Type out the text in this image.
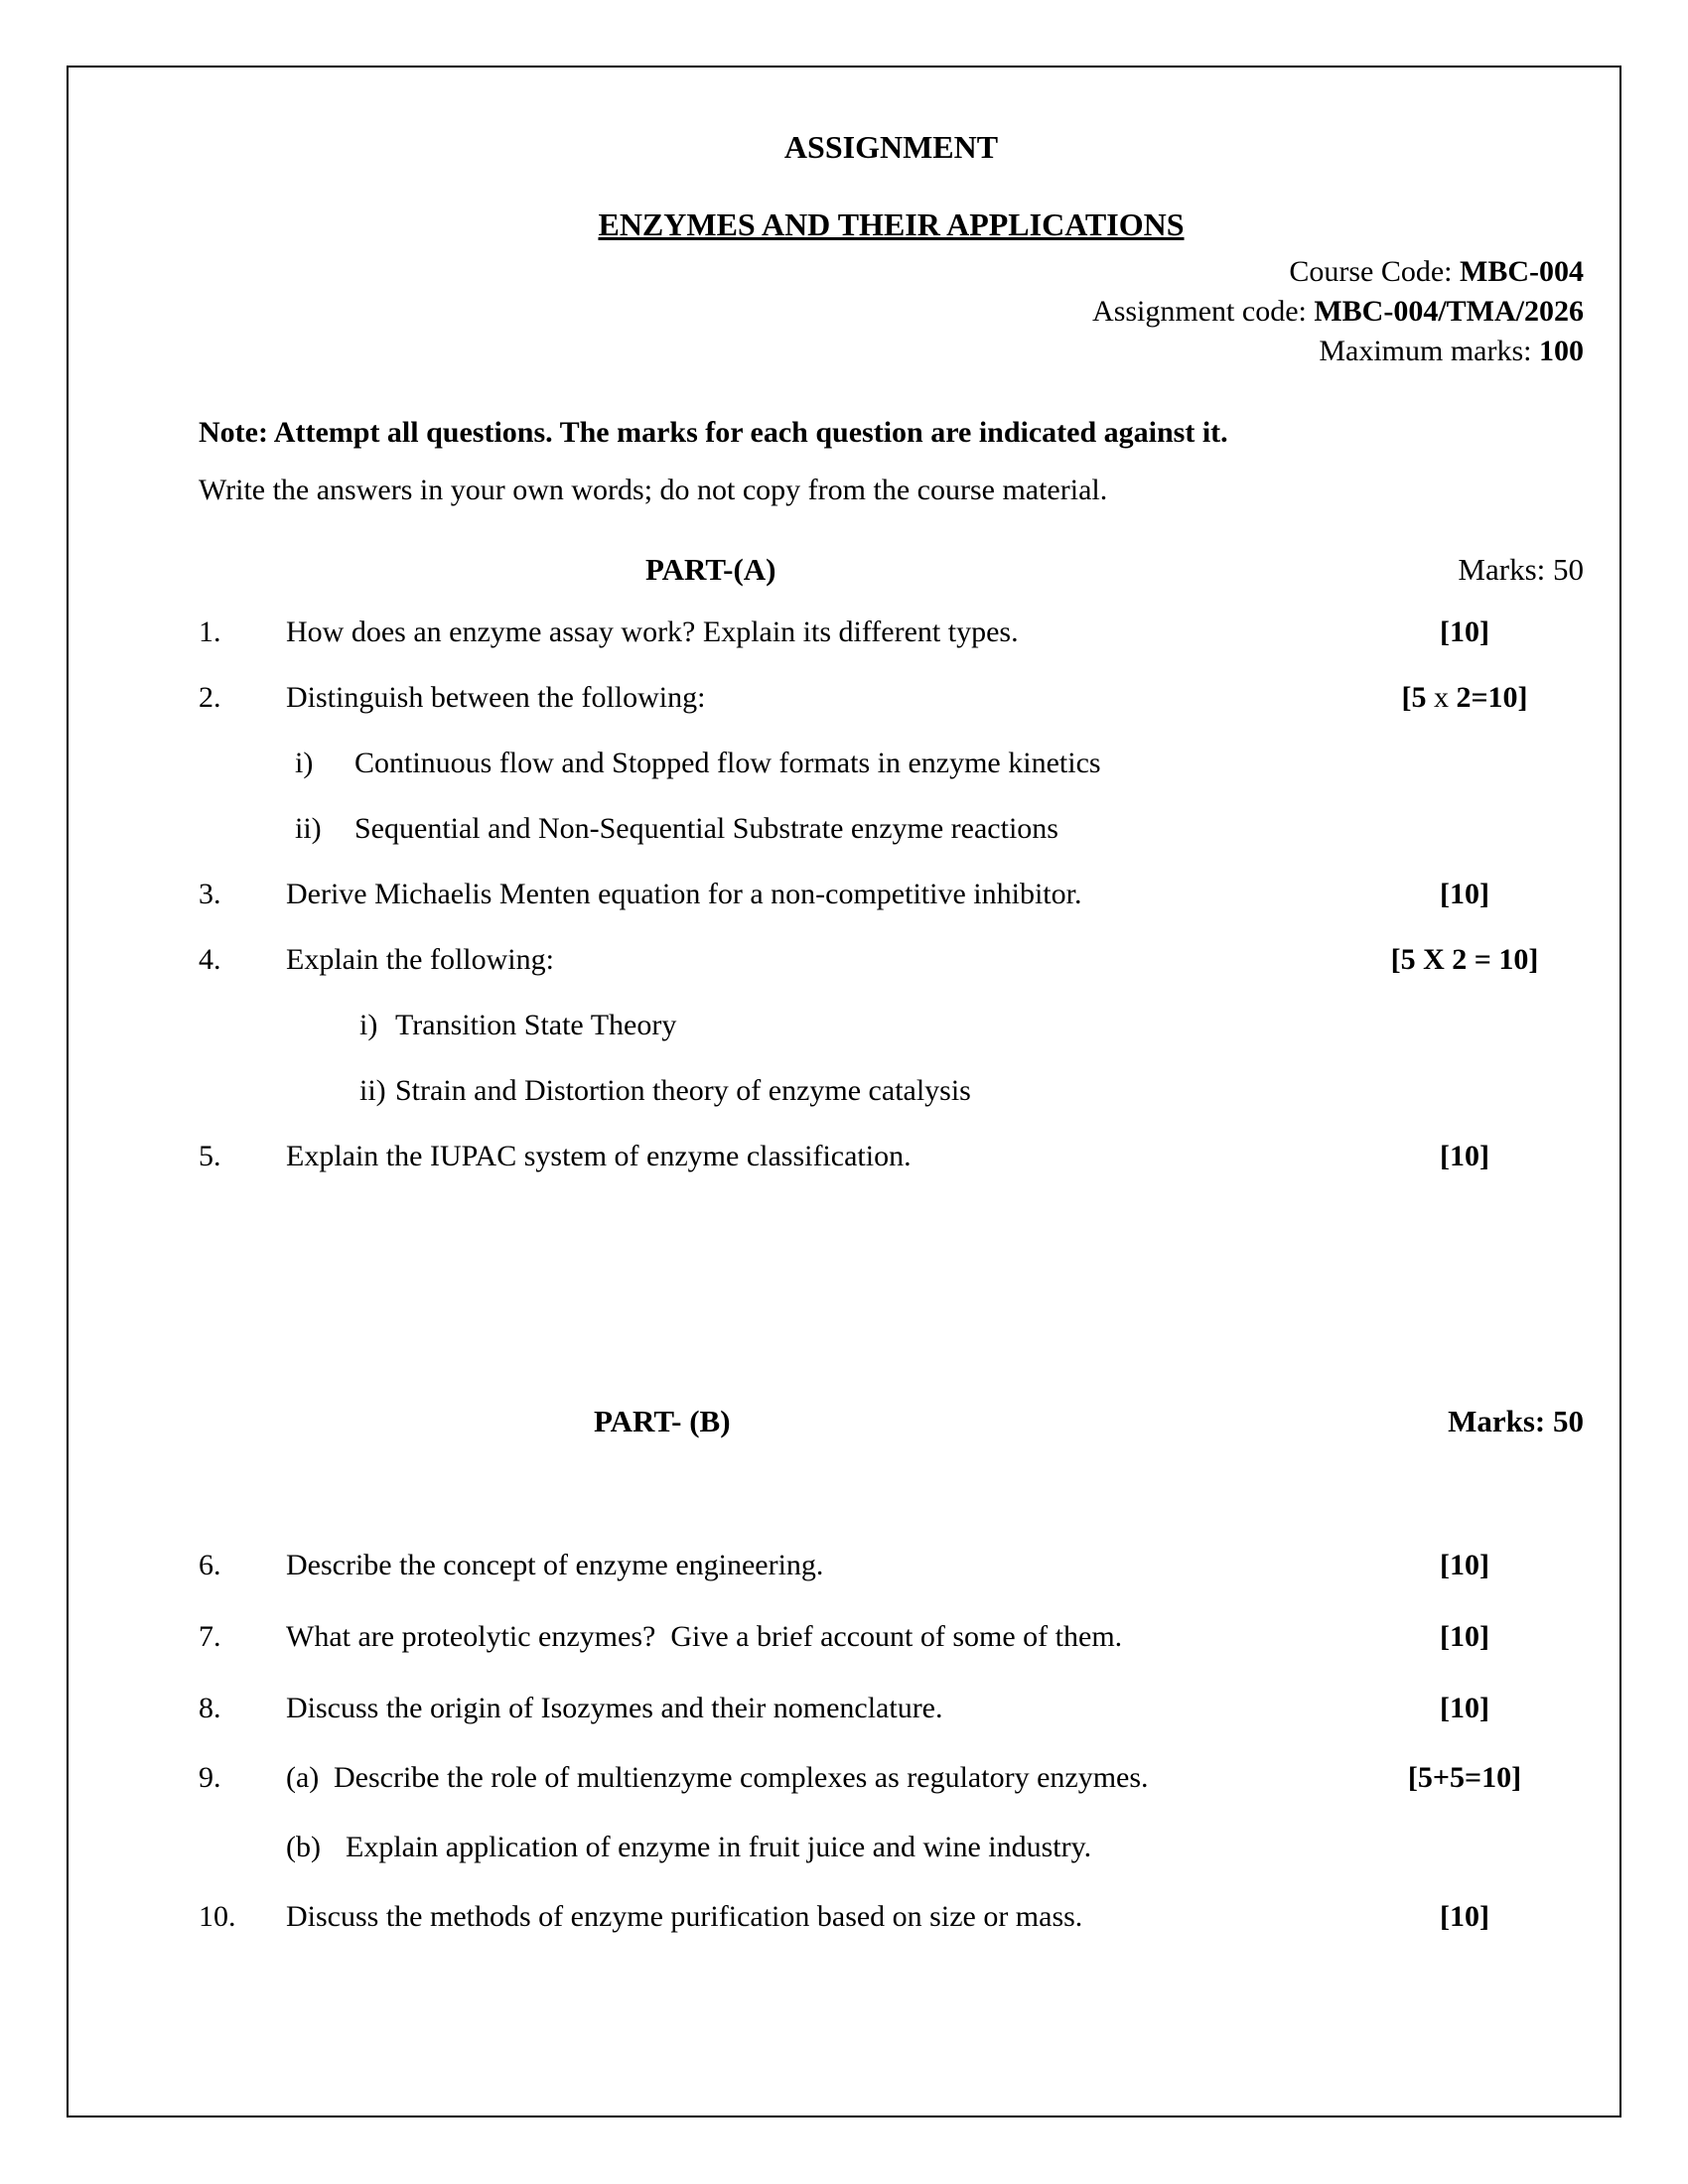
ASSIGNMENT
ENZYMES AND THEIR APPLICATIONS
Course Code: MBC-004
Assignment code: MBC-004/TMA/2026
Maximum marks: 100
Note: Attempt all questions. The marks for each question are indicated against it.
Write the answers in your own words; do not copy from the course material.
PART-(A)	Marks: 50
1.	How does an enzyme assay work? Explain its different types.	[10]
2.	Distinguish between the following:	[5 x 2=10]
i)	Continuous flow and Stopped flow formats in enzyme kinetics
ii)	Sequential and Non-Sequential Substrate enzyme reactions
3.	Derive Michaelis Menten equation for a non-competitive inhibitor.	[10]
4.	Explain the following:	[5 X 2 = 10]
i) Transition State Theory
ii) Strain and Distortion theory of enzyme catalysis
5.	Explain the IUPAC system of enzyme classification.	[10]
PART- (B)	Marks: 50
6.	Describe the concept of enzyme engineering.	[10]
7.	What are proteolytic enzymes?  Give a brief account of some of them.	[10]
8.	Discuss the origin of Isozymes and their nomenclature.	[10]
9.	(a) Describe the role of multienzyme complexes as regulatory enzymes.	[5+5=10]
(b) Explain application of enzyme in fruit juice and wine industry.
10.	Discuss the methods of enzyme purification based on size or mass.	[10]
